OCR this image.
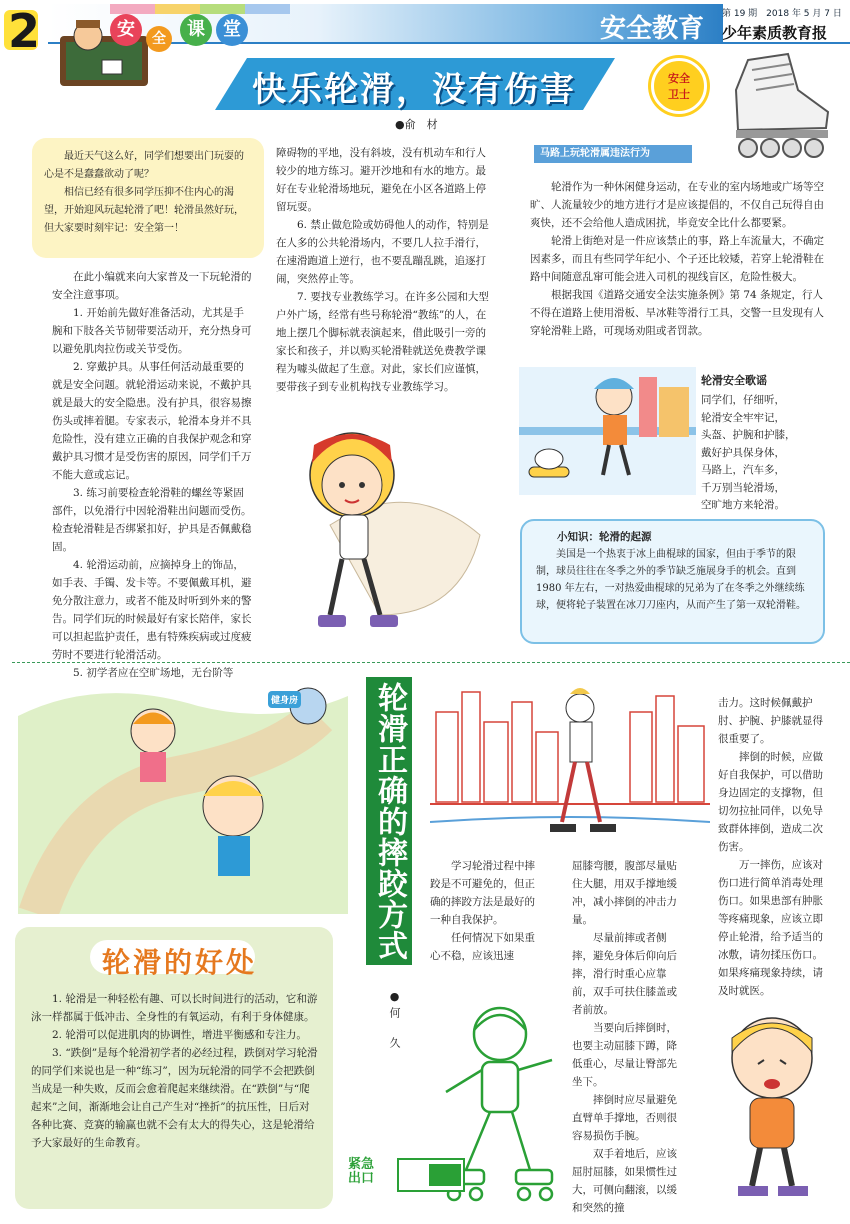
2	安	全	课	堂	安全教育 第 19 期　2018 年 5 月 7 日
少年素质教育报
快乐轮滑，没有伤害
●俞　材
安全
卫士

最近天气这么好，同学们想要出门玩耍的心是不是蠢蠢欲动了呢？

相信已经有很多同学压抑不住内心的渴望，开始迎风玩起轮滑了吧！轮滑虽然好玩，但大家要时刻牢记：安全第一！

在此小编就来向大家普及一下玩轮滑的安全注意事项。

1. 开始前先做好准备活动，尤其是手腕和下肢各关节韧带要活动开，充分热身可以避免肌肉拉伤或关节受伤。

2. 穿戴护具。从事任何活动最重要的就是安全问题。就轮滑运动来说，不戴护具就是最大的安全隐患。没有护具，很容易擦伤头或摔着腿。专家表示，轮滑本身并不具危险性，没有建立正确的自我保护观念和穿戴护具习惯才是受伤害的原因，同学们千万不能大意或忘记。

3. 练习前要检查轮滑鞋的螺丝等紧固部件，以免滑行中因轮滑鞋出问题而受伤。检查轮滑鞋是否绑紧扣好，护具是否佩戴稳固。

4. 轮滑运动前，应摘掉身上的饰品，如手表、手镯、发卡等。不要佩戴耳机，避免分散注意力，或者不能及时听到外来的警告。同学们玩的时候最好有家长陪伴，家长可以担起监护责任，患有特殊疾病或过度疲劳时不要进行轮滑活动。

5. 初学者应在空旷场地，无台阶等

障碍物的平地，没有斜坡，没有机动车和行人较少的地方练习。避开沙地和有水的地方。最好在专业轮滑场地玩，避免在小区各道路上停留玩耍。

6. 禁止做危险或妨碍他人的动作，特别是在人多的公共轮滑场内，不要几人拉手滑行，在速滑跑道上逆行，也不要乱蹦乱跳，追逐打闹，突然停止等。

7. 要找专业教练学习。在许多公园和大型户外广场，经常有些号称轮滑“教练”的人，在地上摆几个脚标就表演起来，借此吸引一旁的家长和孩子，并以购买轮滑鞋就送免费教学课程为噱头做起了生意。对此，家长们应谨慎，要带孩子到专业机构找专业教练学习。

马路上玩轮滑属违法行为

轮滑作为一种休闲健身运动，在专业的室内场地或广场等空旷、人流量较少的地方进行才是应该提倡的，不仅自己玩得自由爽快，还不会给他人造成困扰，毕竟安全比什么都要紧。

轮滑上街绝对是一件应该禁止的事，路上车流量大，不确定因素多，而且有些同学年纪小、个子还比较矮，若穿上轮滑鞋在路中间随意乱窜可能会进入司机的视线盲区，危险性极大。

根据我国《道路交通安全法实施条例》第 74 条规定，行人不得在道路上使用滑板、旱冰鞋等滑行工具，交警一旦发现有人穿轮滑鞋上路，可现场劝阻或者罚款。

轮滑安全歌谣
同学们，仔细听，
轮滑安全牢牢记，
头盔、护腕和护膝，
戴好护具保身体，
马路上，汽车多，
千万别当轮滑场，
空旷地方来轮滑。
小知识：轮滑的起源

美国是一个热衷于冰上曲棍球的国家，但由于季节的限制，球员往往在冬季之外的季节缺乏施展身手的机会。直到 1980 年左右，一对热爱曲棍球的兄弟为了在冬季之外继续练球，便将轮子装置在冰刀刀座内，从而产生了第一双轮滑鞋。

健身房
轮滑的好处

1. 轮滑是一种轻松有趣、可以长时间进行的活动，它和游泳一样都属于低冲击、全身性的有氧运动，有利于身体健康。

2. 轮滑可以促进肌肉的协调性，增进平衡感和专注力。

3. “跌倒”是每个轮滑初学者的必经过程，跌倒对学习轮滑的同学们来说也是一种“练习”，因为玩轮滑的同学不会把跌倒当成是一种失败，反而会愈着爬起来继续滑。在“跌倒”与“爬起来”之间，渐渐地会让自己产生对“挫折”的抗压性，日后对各种比赛、竞赛的输赢也就不会有太大的得失心，这是轮滑给予大家最好的生命教育。

轮滑正确的摔跤方式
●何　久

学习轮滑过程中摔跤是不可避免的，但正确的摔跤方法是最好的一种自我保护。

任何情况下如果重心不稳，应该迅速

屈膝弯腰，腹部尽量贴住大腿，用双手撑地缓冲，减小摔倒的冲击力量。

尽量前摔或者侧摔，避免身体后仰向后摔，滑行时重心应靠前，双手可扶住膝盖或者前放。

当要向后摔倒时，也要主动屈膝下蹲，降低重心，尽量让臀部先坐下。

摔倒时应尽量避免直臂单手撑地，否则很容易损伤手腕。

双手着地后，应该屈肘屈膝，如果惯性过大，可侧向翻滚，以缓和突然的撞

击力。这时候佩戴护肘、护腕、护膝就显得很重要了。

摔倒的时候，应做好自我保护，可以借助身边固定的支撑物，但切勿拉扯同伴，以免导致群体摔倒，造成二次伤害。

万一摔伤，应该对伤口进行简单消毒处理伤口。如果患部有肿胀等疼痛现象，应该立即停止轮滑，给予适当的冰敷，请勿揉压伤口。如果疼痛现象持续，请及时就医。

紧急
出口
